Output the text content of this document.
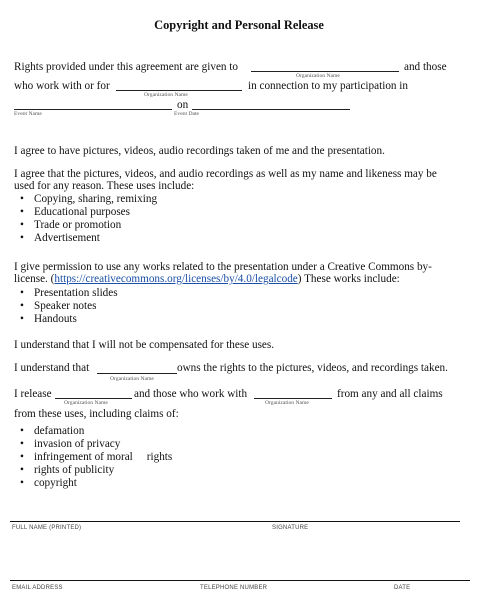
Copyright and Personal Release
Rights provided under this agreement are given to	and those
Organization Name
who work with or for	in connection to my participation in
Organization Name
on
Event Name	Event Date
I agree to have pictures, videos, audio recordings taken of me and the presentation.
I agree that the pictures, videos, and audio recordings as well as my name and likeness may be
used for any reason. These uses include:
• Copying, sharing, remixing
• Educational purposes
• Trade or promotion
• Advertisement
I give permission to use any works related to the presentation under a Creative Commons by-
license. (https://creativecommons.org/licenses/by/4.0/legalcode) These works include:
• Presentation slides
• Speaker notes
• Handouts
I understand that I will not be compensated for these uses.
I understand that	owns the rights to the pictures, videos, and recordings taken.
Organization Name
I release	and those who work with	from any and all claims
Organization Name	Organization Name
from these uses, including claims of:
• defamation
• invasion of privacy
• infringement of moral  rights
• rights of publicity
• copyright
FULL NAME (PRINTED)	SIGNATURE
EMAIL ADDRESS	TELEPHONE NUMBER	DATE
